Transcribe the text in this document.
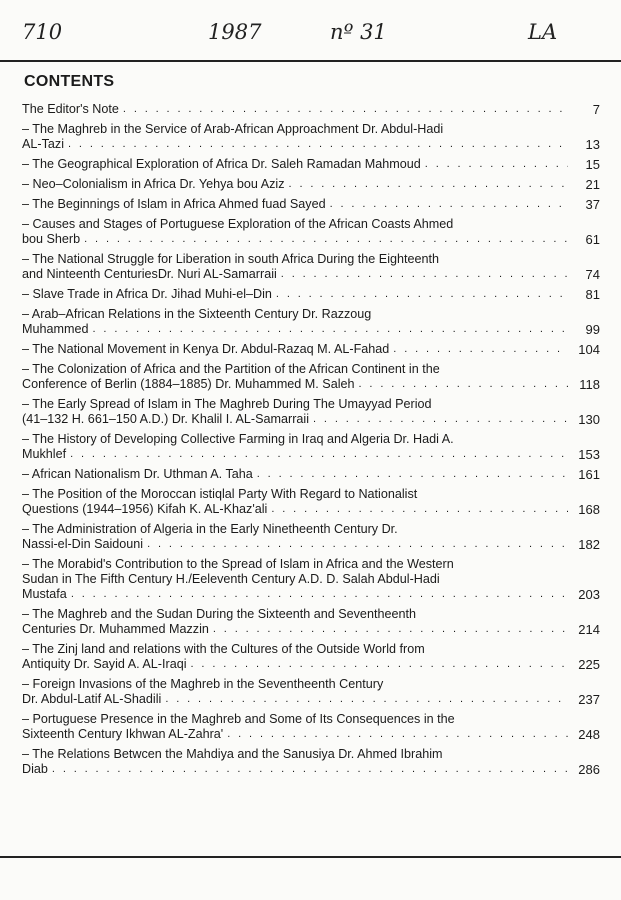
710	1987	nº 31	LA
CONTENTS
The Editor's Note . . .	7
– The Maghreb in the Service of Arab-African Approachment Dr. Abdul-Hadi
AL-Tazi . . .	13
– The Geographical Exploration of Africa Dr. Saleh Ramadan Mahmoud . . .	15
– Neo–Colonialism in Africa Dr. Yehya bou Aziz . . .	21
– The Beginnings of Islam in Africa Ahmed fuad Sayed . . .	37
– Causes and Stages of Portuguese Exploration of the African Coasts Ahmed
bou Sherb . . .	61
– The National Struggle for Liberation in south Africa During the Eighteenth
and Ninteenth CenturiesDr. Nuri AL-Samarraii . . .	74
– Slave Trade in Africa Dr. Jihad Muhi-el–Din . . .	81
– Arab–African Relations in the Sixteenth Century Dr. Razzoug
Muhammed . . .	99
– The National Movement in Kenya Dr. Abdul-Razaq M. AL-Fahad . . .	104
– The Colonization of Africa and the Partition of the African Continent in the
Conference of Berlin (1884–1885) Dr. Muhammed M. Saleh . . .	118
– The Early Spread of Islam in The Maghreb During The Umayyad Period
(41–132 H. 661–150 A.D.) Dr. Khalil I. AL-Samarraii . . .	130
– The History of Developing Collective Farming in Iraq and Algeria Dr. Hadi A.
Mukhlef . . .	153
– African Nationalism Dr. Uthman A. Taha . . .	161
– The Position of the Moroccan istiqlal Party With Regard to Nationalist
Questions (1944–1956) Kifah K. AL-Khaz'ali . . .	168
– The Administration of Algeria in the Early Ninetheenth Century Dr.
Nassi-el-Din Saidouni . . .	182
– The Morabid's Contribution to the Spread of Islam in Africa and the Western
Sudan in The Fifth Century H./Eeleventh Century A.D. D. Salah Abdul-Hadi
Mustafa . . .	203
– The Maghreb and the Sudan During the Sixteenth and Seventheenth
Centuries Dr. Muhammed Mazzin . . .	214
– The Zinj land and relations with the Cultures of the Outside World from
Antiquity Dr. Sayid A. AL-Iraqi . . .	225
– Foreign Invasions of the Maghreb in the Seventheenth Century
Dr. Abdul-Latif AL-Shadili . . .	237
– Portuguese Presence in the Maghreb and Some of Its Consequences in the
Sixteenth Century Ikhwan AL-Zahra' . . .	248
– The Relations Betwcen the Mahdiya and the Sanusiya Dr. Ahmed Ibrahim
Diab . . .	286
